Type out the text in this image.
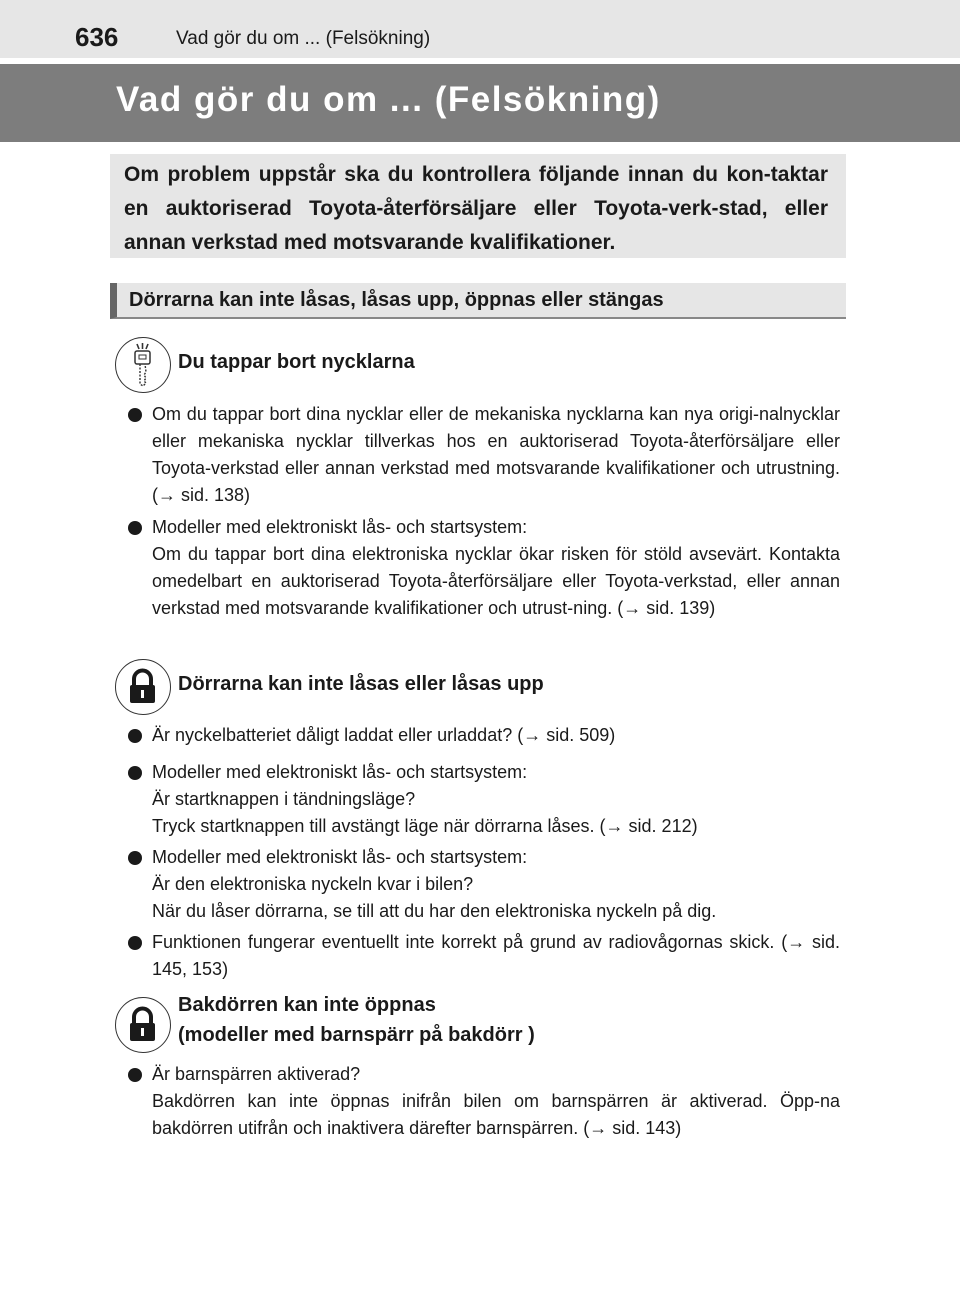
636	Vad gör du om ... (Felsökning)
Vad gör du om ... (Felsökning)
Om problem uppstår ska du kontrollera följande innan du kon-taktar en auktoriserad Toyota-återförsäljare eller Toyota-verk-stad, eller annan verkstad med motsvarande kvalifikationer.
Dörrarna kan inte låsas, låsas upp, öppnas eller stängas
Du tappar bort nycklarna
Om du tappar bort dina nycklar eller de mekaniska nycklarna kan nya origi-nalnycklar eller mekaniska nycklar tillverkas hos en auktoriserad Toyota-återförsäljare eller Toyota-verkstad eller annan verkstad med motsvarande kvalifikationer och utrustning. (→ sid. 138)
Modeller med elektroniskt lås- och startsystem:
Om du tappar bort dina elektroniska nycklar ökar risken för stöld avsevärt. Kontakta omedelbart en auktoriserad Toyota-återförsäljare eller Toyota-verkstad, eller annan verkstad med motsvarande kvalifikationer och utrust-ning. (→ sid. 139)
Dörrarna kan inte låsas eller låsas upp
Är nyckelbatteriet dåligt laddat eller urladdat? (→ sid. 509)
Modeller med elektroniskt lås- och startsystem:
Är startknappen i tändningsläge?
Tryck startknappen till avstängt läge när dörrarna låses. (→ sid. 212)
Modeller med elektroniskt lås- och startsystem:
Är den elektroniska nyckeln kvar i bilen?
När du låser dörrarna, se till att du har den elektroniska nyckeln på dig.
Funktionen fungerar eventuellt inte korrekt på grund av radiovågornas skick. (→ sid. 145, 153)
Bakdörren kan inte öppnas
(modeller med barnspärr på bakdörr )
Är barnspärren aktiverad?
Bakdörren kan inte öppnas inifrån bilen om barnspärren är aktiverad. Öpp-na bakdörren utifrån och inaktivera därefter barnspärren. (→ sid. 143)
